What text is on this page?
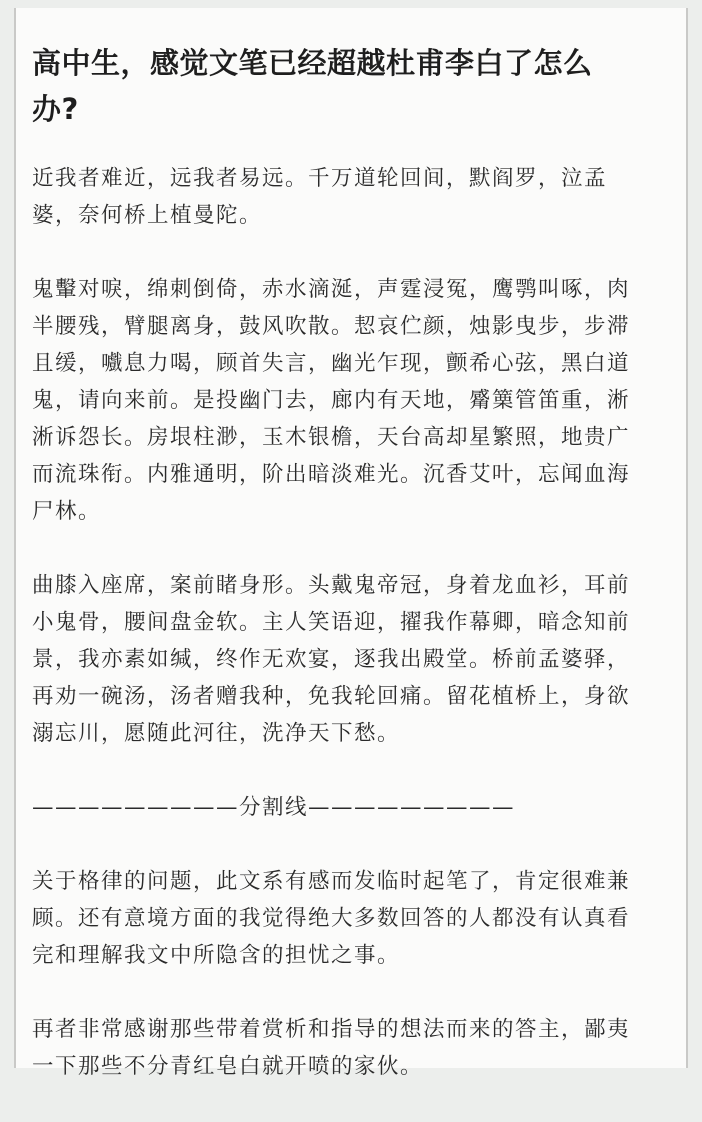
高中生，感觉文笔已经超越杜甫李白了怎么
办?

近我者难近，远我者易远。千万道轮回间，默阎罗，泣孟
婆，奈何桥上植曼陀。

鬼轚对唳，绵刺倒倚，赤水滴涎，声霆浸冤，鹰鹗叫啄，肉
半腰残，臂腿离身，鼓风吹散。恝哀伫颜，烛影曳步，步滞
且缓，嚱息力喝，顾首失言，幽光乍现，颤希心弦，黑白道
鬼，请向来前。是投幽门去，廊内有天地，觱篥管笛重，淅
淅诉怨长。房垠柱渺，玉木银檐，天台高却星繁照，地贵广
而流珠衔。内雅通明，阶出暗淡难光。沉香艾叶，忘闻血海
尸林。

曲膝入座席，案前睹身形。头戴鬼帝冠，身着龙血衫，耳前
小鬼骨，腰间盘金软。主人笑语迎，擢我作幕卿，暗念知前
景，我亦素如缄，终作无欢宴，逐我出殿堂。桥前孟婆驿，
再劝一碗汤，汤者赠我种，免我轮回痛。留花植桥上，身欲
溺忘川，愿随此河往，洗净天下愁。

—————————分割线—————————

关于格律的问题，此文系有感而发临时起笔了，肯定很难兼
顾。还有意境方面的我觉得绝大多数回答的人都没有认真看
完和理解我文中所隐含的担忧之事。

再者非常感谢那些带着赏析和指导的想法而来的答主，鄙夷
一下那些不分青红皂白就开喷的家伙。
